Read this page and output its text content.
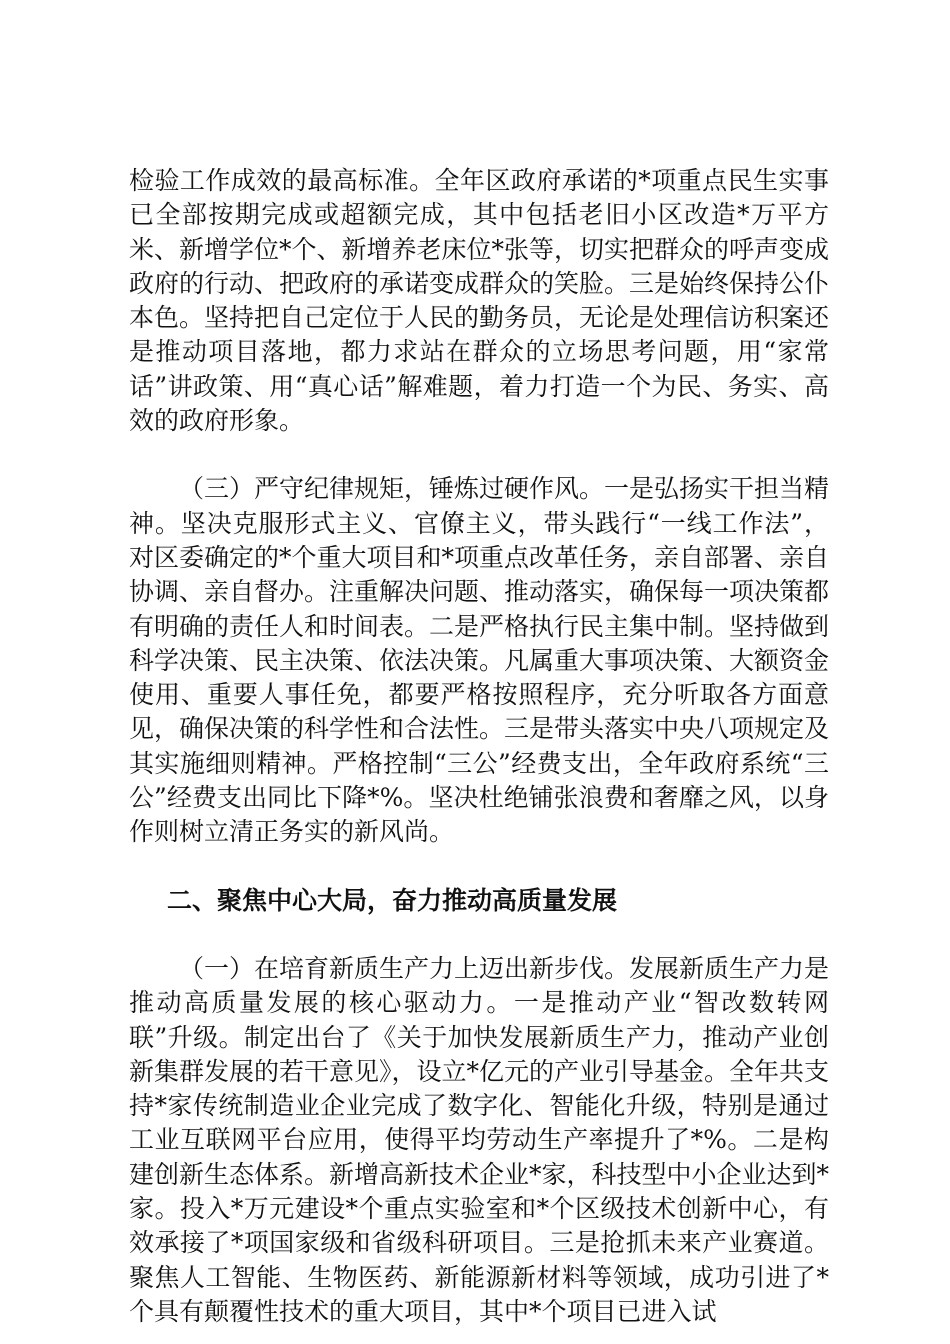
检验工作成效的最高标准。全年区政府承诺的*项重点民生实事已全部按期完成或超额完成，其中包括老旧小区改造*万平方米、新增学位*个、新增养老床位*张等，切实把群众的呼声变成政府的行动、把政府的承诺变成群众的笑脸。三是始终保持公仆本色。坚持把自己定位于人民的勤务员，无论是处理信访积案还是推动项目落地，都力求站在群众的立场思考问题，用“家常话”讲政策、用“真心话”解难题，着力打造一个为民、务实、高效的政府形象。

（三）严守纪律规矩，锤炼过硬作风。一是弘扬实干担当精神。坚决克服形式主义、官僚主义，带头践行“一线工作法”，对区委确定的*个重大项目和*项重点改革任务，亲自部署、亲自协调、亲自督办。注重解决问题、推动落实，确保每一项决策都有明确的责任人和时间表。二是严格执行民主集中制。坚持做到科学决策、民主决策、依法决策。凡属重大事项决策、大额资金使用、重要人事任免，都要严格按照程序，充分听取各方面意见，确保决策的科学性和合法性。三是带头落实中央八项规定及其实施细则精神。严格控制“三公”经费支出，全年政府系统“三公”经费支出同比下降*%。坚决杜绝铺张浪费和奢靡之风，以身作则树立清正务实的新风尚。

二、聚焦中心大局，奋力推动高质量发展

（一）在培育新质生产力上迈出新步伐。发展新质生产力是推动高质量发展的核心驱动力。一是推动产业“智改数转网联”升级。制定出台了《关于加快发展新质生产力，推动产业创新集群发展的若干意见》，设立*亿元的产业引导基金。全年共支持*家传统制造业企业完成了数字化、智能化升级，特别是通过工业互联网平台应用，使得平均劳动生产率提升了*%。二是构建创新生态体系。新增高新技术企业*家，科技型中小企业达到*家。投入*万元建设*个重点实验室和*个区级技术创新中心，有效承接了*项国家级和省级科研项目。三是抢抓未来产业赛道。聚焦人工智能、生物医药、新能源新材料等领域，成功引进了*个具有颠覆性技术的重大项目，其中*个项目已进入试
